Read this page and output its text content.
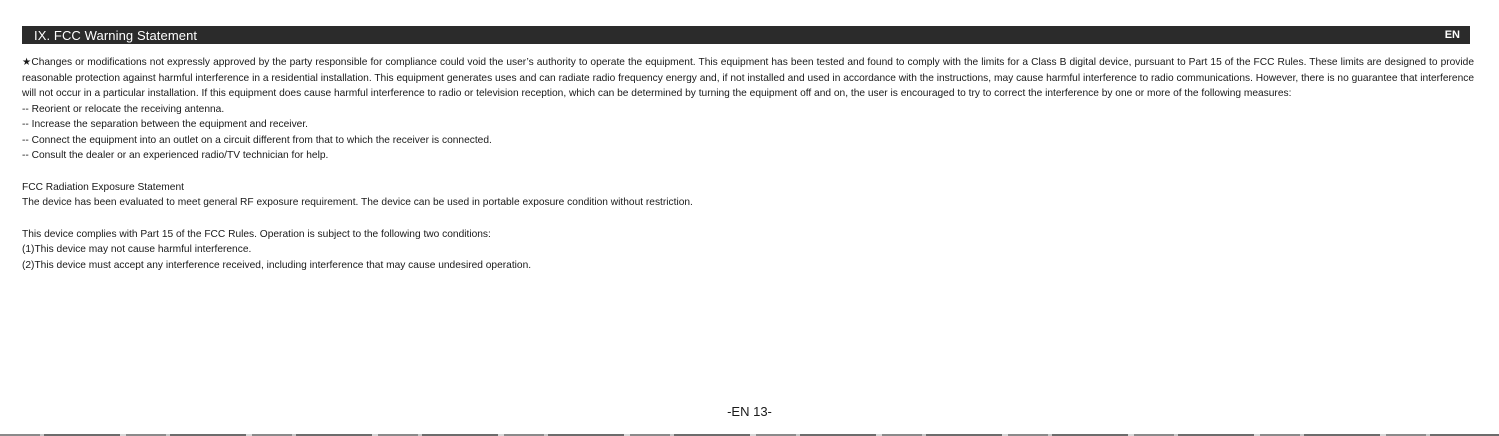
IX. FCC Warning Statement	EN

★Changes or modifications not expressly approved by the party responsible for compliance could void the user’s authority to operate the equipment. This equipment has been tested and found to comply with the limits for a Class B digital device, pursuant to Part 15 of the FCC Rules. These limits are designed to provide reasonable protection against harmful interference in a residential installation. This equipment generates uses and can radiate radio frequency energy and, if not installed and used in accordance with the instructions, may cause harmful interference to radio communications. However, there is no guarantee that interference will not occur in a particular installation. If this equipment does cause harmful interference to radio or television reception, which can be determined by turning the equipment off and on, the user is encouraged to try to correct the interference by one or more of the following measures:

-- Reorient or relocate the receiving antenna.

-- Increase the separation between the equipment and receiver.

-- Connect the equipment into an outlet on a circuit different from that to which the receiver is connected.

-- Consult the dealer or an experienced radio/TV technician for help.

FCC Radiation Exposure Statement

The device has been evaluated to meet general RF exposure requirement. The device can be used in portable exposure condition without restriction.

This device complies with Part 15 of the FCC Rules. Operation is subject to the following two conditions:

(1)This device may not cause harmful interference.

(2)This device must accept any interference received, including interference that may cause undesired operation.

-EN 13-
